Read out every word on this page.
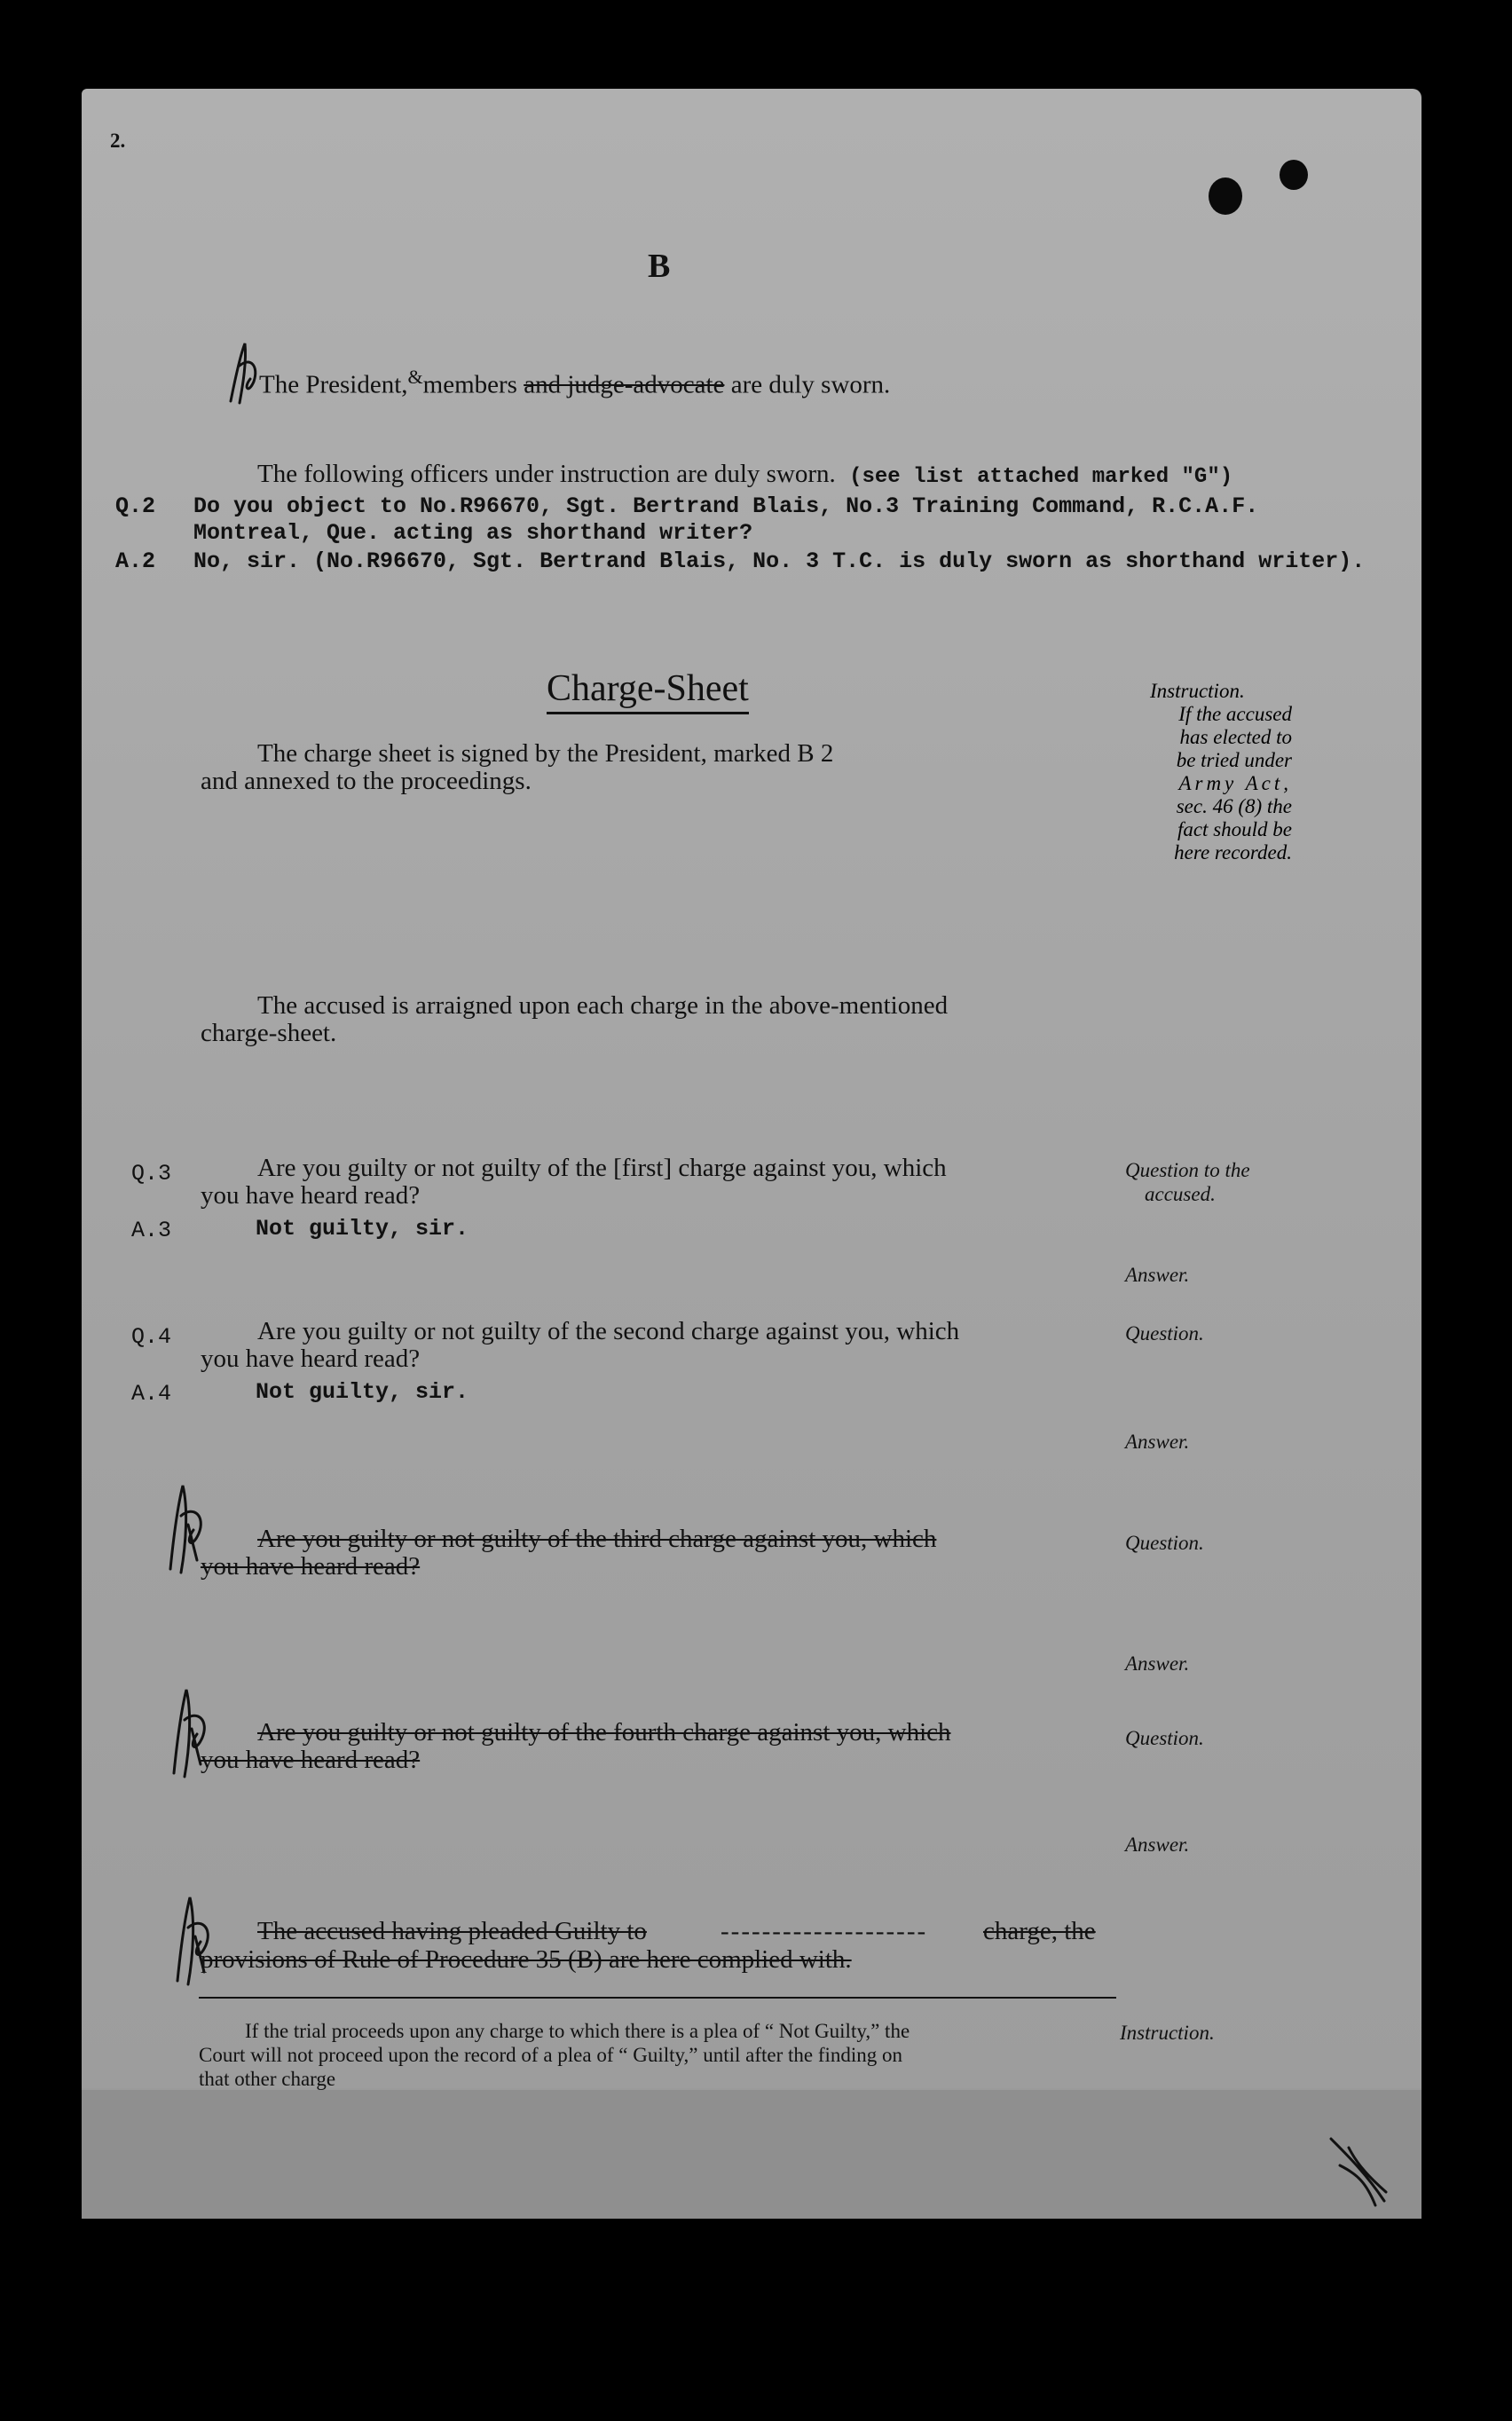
2.
B
The President,&members and judge-advocate are duly sworn.
The following officers under instruction are duly sworn. (see list attached marked "G")
Q.2 Do you object to No.R96670, Sgt. Bertrand Blais, No.3 Training Command, R.C.A.F.
Montreal, Que. acting as shorthand writer?
A.2 No, sir. (No.R96670, Sgt. Bertrand Blais, No. 3 T.C. is duly sworn as shorthand writer).
Charge-Sheet
The charge sheet is signed by the President, marked B 2
and annexed to the proceedings.
Instruction.
If the accused
has elected to
be tried under
Army Act,
sec. 46 (8) the
fact should be
here recorded.
The accused is arraigned upon each charge in the above-mentioned
charge-sheet.
Q.3	Are you guilty or not guilty of the [first] charge against you, which
you have heard read?
Question to the
accused.
A.3	Not guilty, sir.
Answer.
Q.4	Are you guilty or not guilty of the second charge against you, which
you have heard read?
Question.
A.4	Not guilty, sir.
Answer.
Are you guilty or not guilty of the third charge against you, which
you have heard read?
Question.
Answer.
Are you guilty or not guilty of the fourth charge against you, which
you have heard read?
Question.
Answer.
The accused having pleaded Guilty to	-------------------- charge, the
provisions of Rule of Procedure 35 (B) are here complied with.
If the trial proceeds upon any charge to which there is a plea of “ Not Guilty,” the
Court will not proceed upon the record of a plea of “ Guilty,” until after the finding on
that other charge
Instruction.
